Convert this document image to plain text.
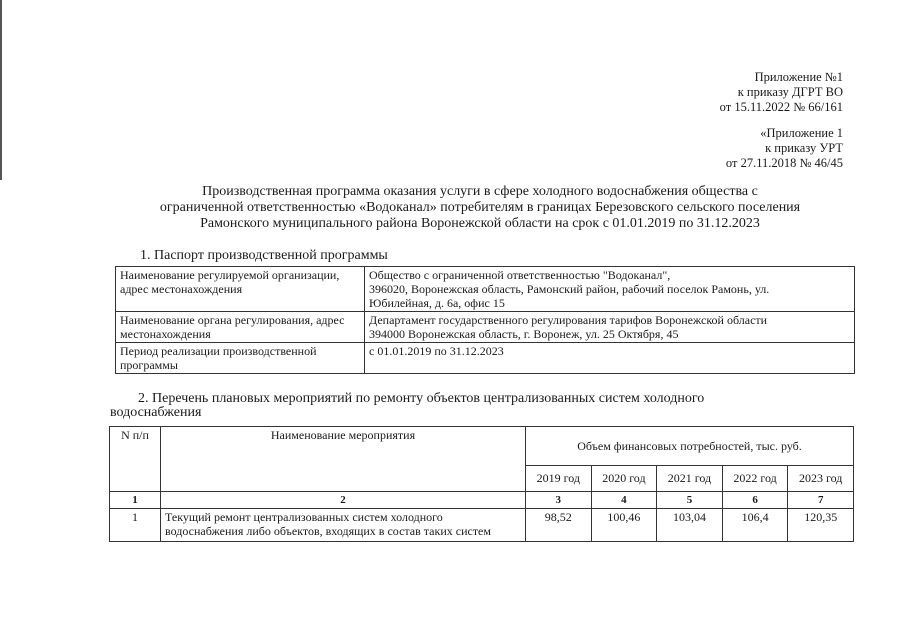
Приложение №1
к приказу ДГРТ ВО
от 15.11.2022 № 66/161
«Приложение 1
к приказу УРТ
от 27.11.2018 № 46/45
Производственная программа оказания услуги в сфере холодного водоснабжения общества с
ограниченной ответственностью «Водоканал» потребителям в границах Березовского сельского поселения
Рамонского муниципального района Воронежской области на срок с 01.01.2019 по 31.12.2023
1. Паспорт производственной программы
Наименование регулируемой организации, адрес местонахождения	Общество с ограниченной ответственностью "Водоканал",
396020, Воронежская область, Рамонский район, рабочий поселок Рамонь, ул.
Юбилейная, д. 6а, офис 15

Наименование органа регулирования, адрес местонахождения	Департамент государственного регулирования тарифов Воронежской области
394000 Воронежская область, г. Воронеж, ул. 25 Октября, 45

Период реализации производственной программы	с 01.01.2019 по 31.12.2023
2. Перечень плановых мероприятий по ремонту объектов централизованных систем холодного
водоснабжения
N п/п	Наименование мероприятия	Объем финансовых потребностей, тыс. руб.				
		2019 год	2020 год	2021 год	2022 год	2023 год
1	2	3	4	5	6	7
1	Текущий ремонт централизованных систем холодного водоснабжения либо объектов, входящих в состав таких систем	98,52	100,46	103,04	106,4	120,35
